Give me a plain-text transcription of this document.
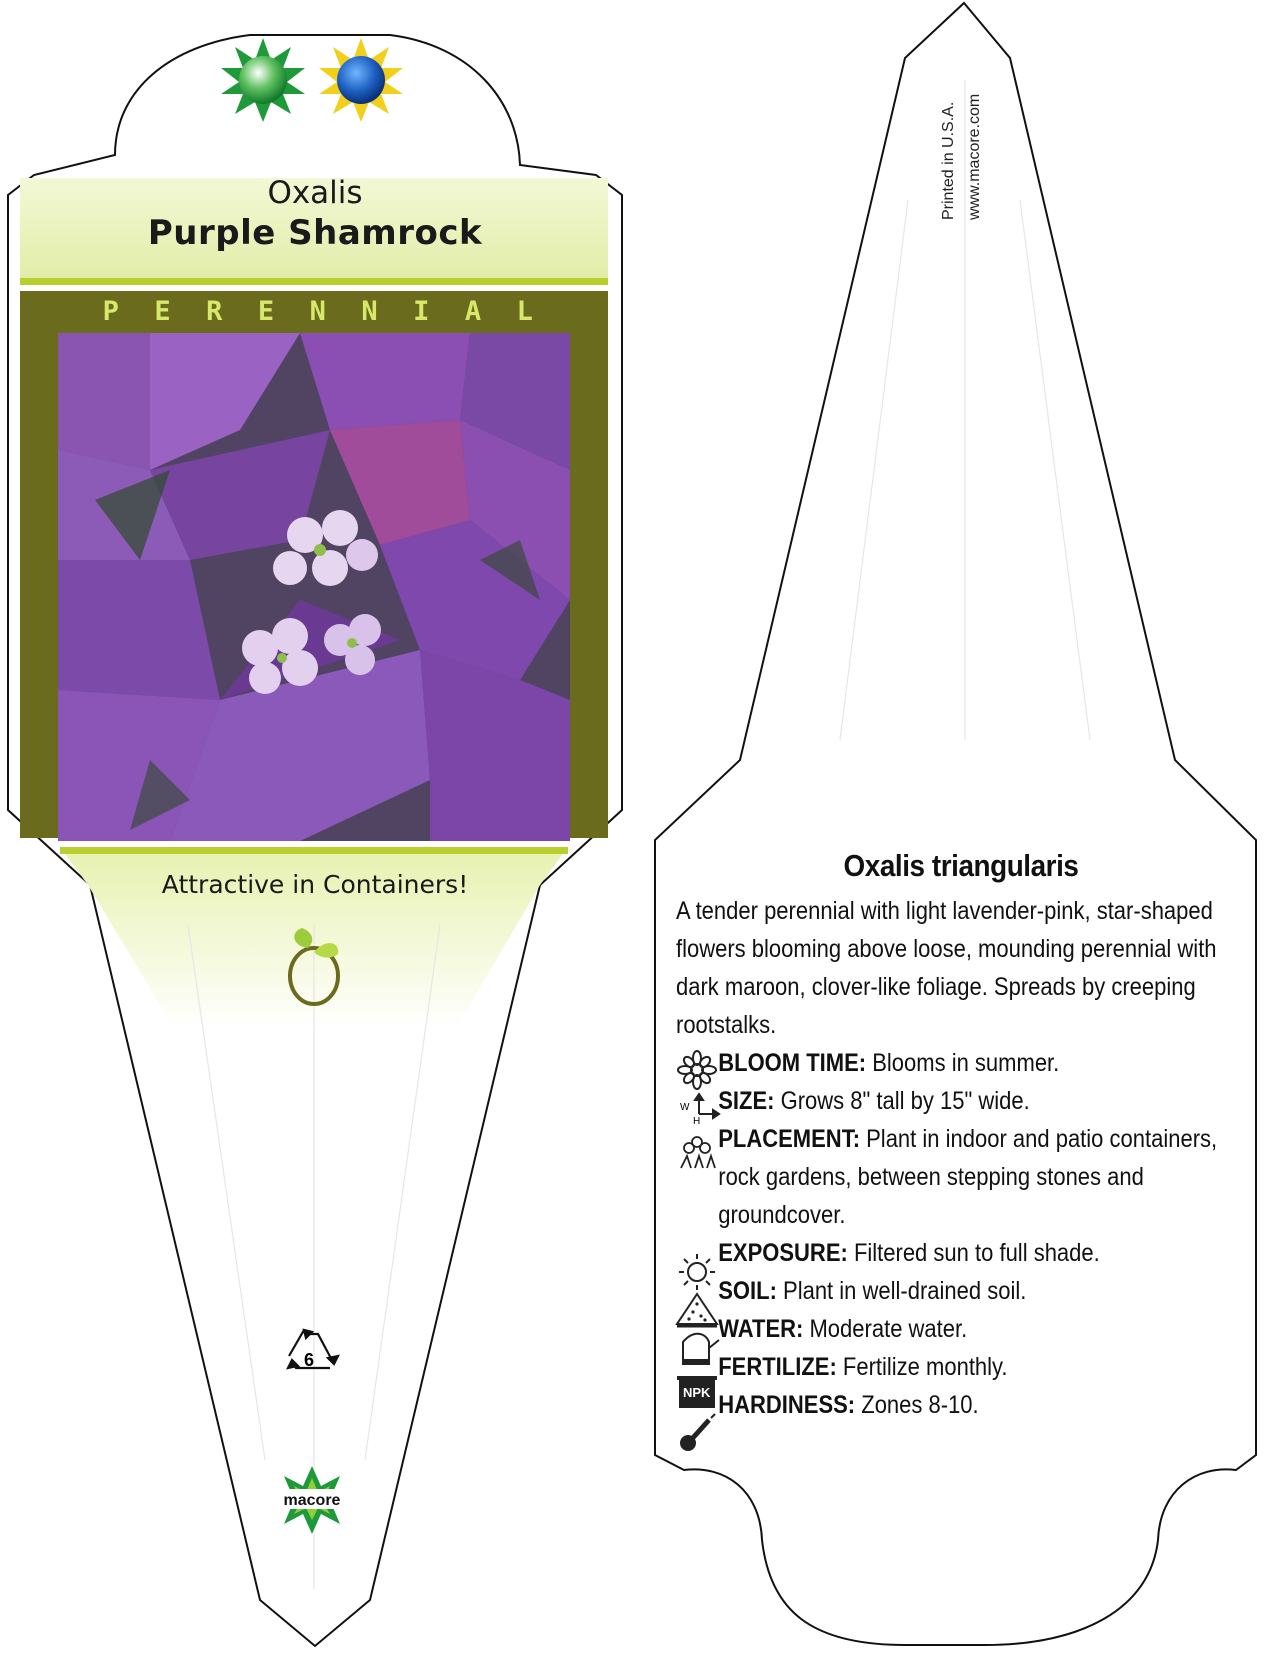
Oxalis

Purple Shamrock

PERENNIAL

Attractive in Containers!

6
macore
Printed in U.S.A. www.macore.com
NPK
W
H

Oxalis triangularis

A tender perennial with light lavender-pink, star-shaped flowers blooming above loose, mounding perennial with dark maroon, clover-like foliage. Spreads by creeping rootstalks.
BLOOM TIME: Blooms in summer.
SIZE: Grows 8" tall by 15" wide.
PLACEMENT: Plant in indoor and patio containers, rock gardens, between stepping stones and groundcover.
EXPOSURE: Filtered sun to full shade.
SOIL: Plant in well-drained soil.
WATER: Moderate water.
FERTILIZE: Fertilize monthly.
HARDINESS: Zones 8-10.
